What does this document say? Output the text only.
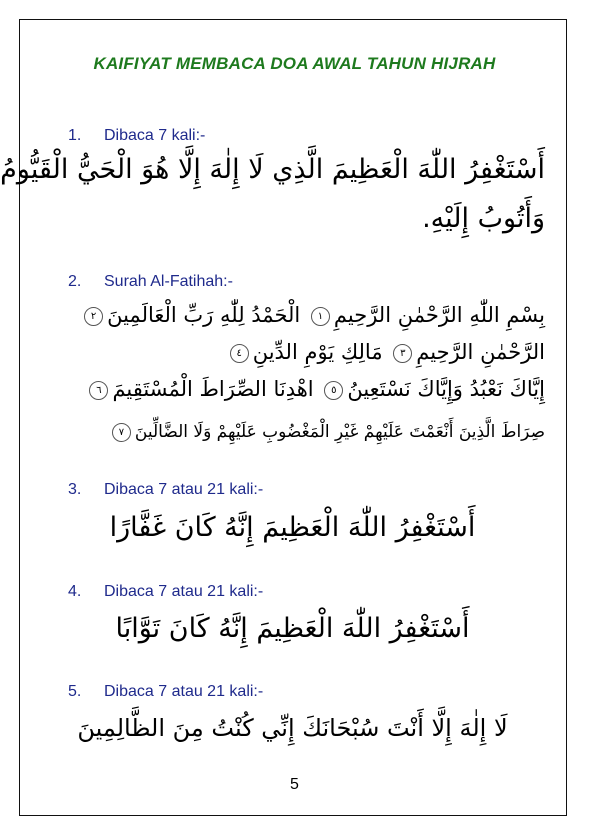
KAIFIYAT MEMBACA DOA AWAL TAHUN HIJRAH
1. Dibaca 7 kali:-
أَسْتَغْفِرُ اللّٰهَ الْعَظِيمَ الَّذِي لَا إِلٰهَ إِلَّا هُوَ الْحَيُّ الْقَيُّومُ
وَأَتُوبُ إِلَيْهِ.
2. Surah Al-Fatihah:-
بِسْمِ اللّٰهِ الرَّحْمٰنِ الرَّحِيمِ١ الْحَمْدُ لِلّٰهِ رَبِّ الْعَالَمِينَ٢
الرَّحْمٰنِ الرَّحِيمِ٣ مَالِكِ يَوْمِ الدِّينِ٤
إِيَّاكَ نَعْبُدُ وَإِيَّاكَ نَسْتَعِينُ٥ اهْدِنَا الصِّرَاطَ الْمُسْتَقِيمَ٦
صِرَاطَ الَّذِينَ أَنْعَمْتَ عَلَيْهِمْ غَيْرِ الْمَغْضُوبِ عَلَيْهِمْ وَلَا الضَّالِّينَ٧
3. Dibaca 7 atau 21 kali:-
أَسْتَغْفِرُ اللّٰهَ الْعَظِيمَ إِنَّهُ كَانَ غَفَّارًا
4. Dibaca 7 atau 21 kali:-
أَسْتَغْفِرُ اللّٰهَ الْعَظِيمَ إِنَّهُ كَانَ تَوَّابًا
5. Dibaca 7 atau 21 kali:-
لَا إِلٰهَ إِلَّا أَنْتَ سُبْحَانَكَ إِنِّي كُنْتُ مِنَ الظَّالِمِينَ
5
